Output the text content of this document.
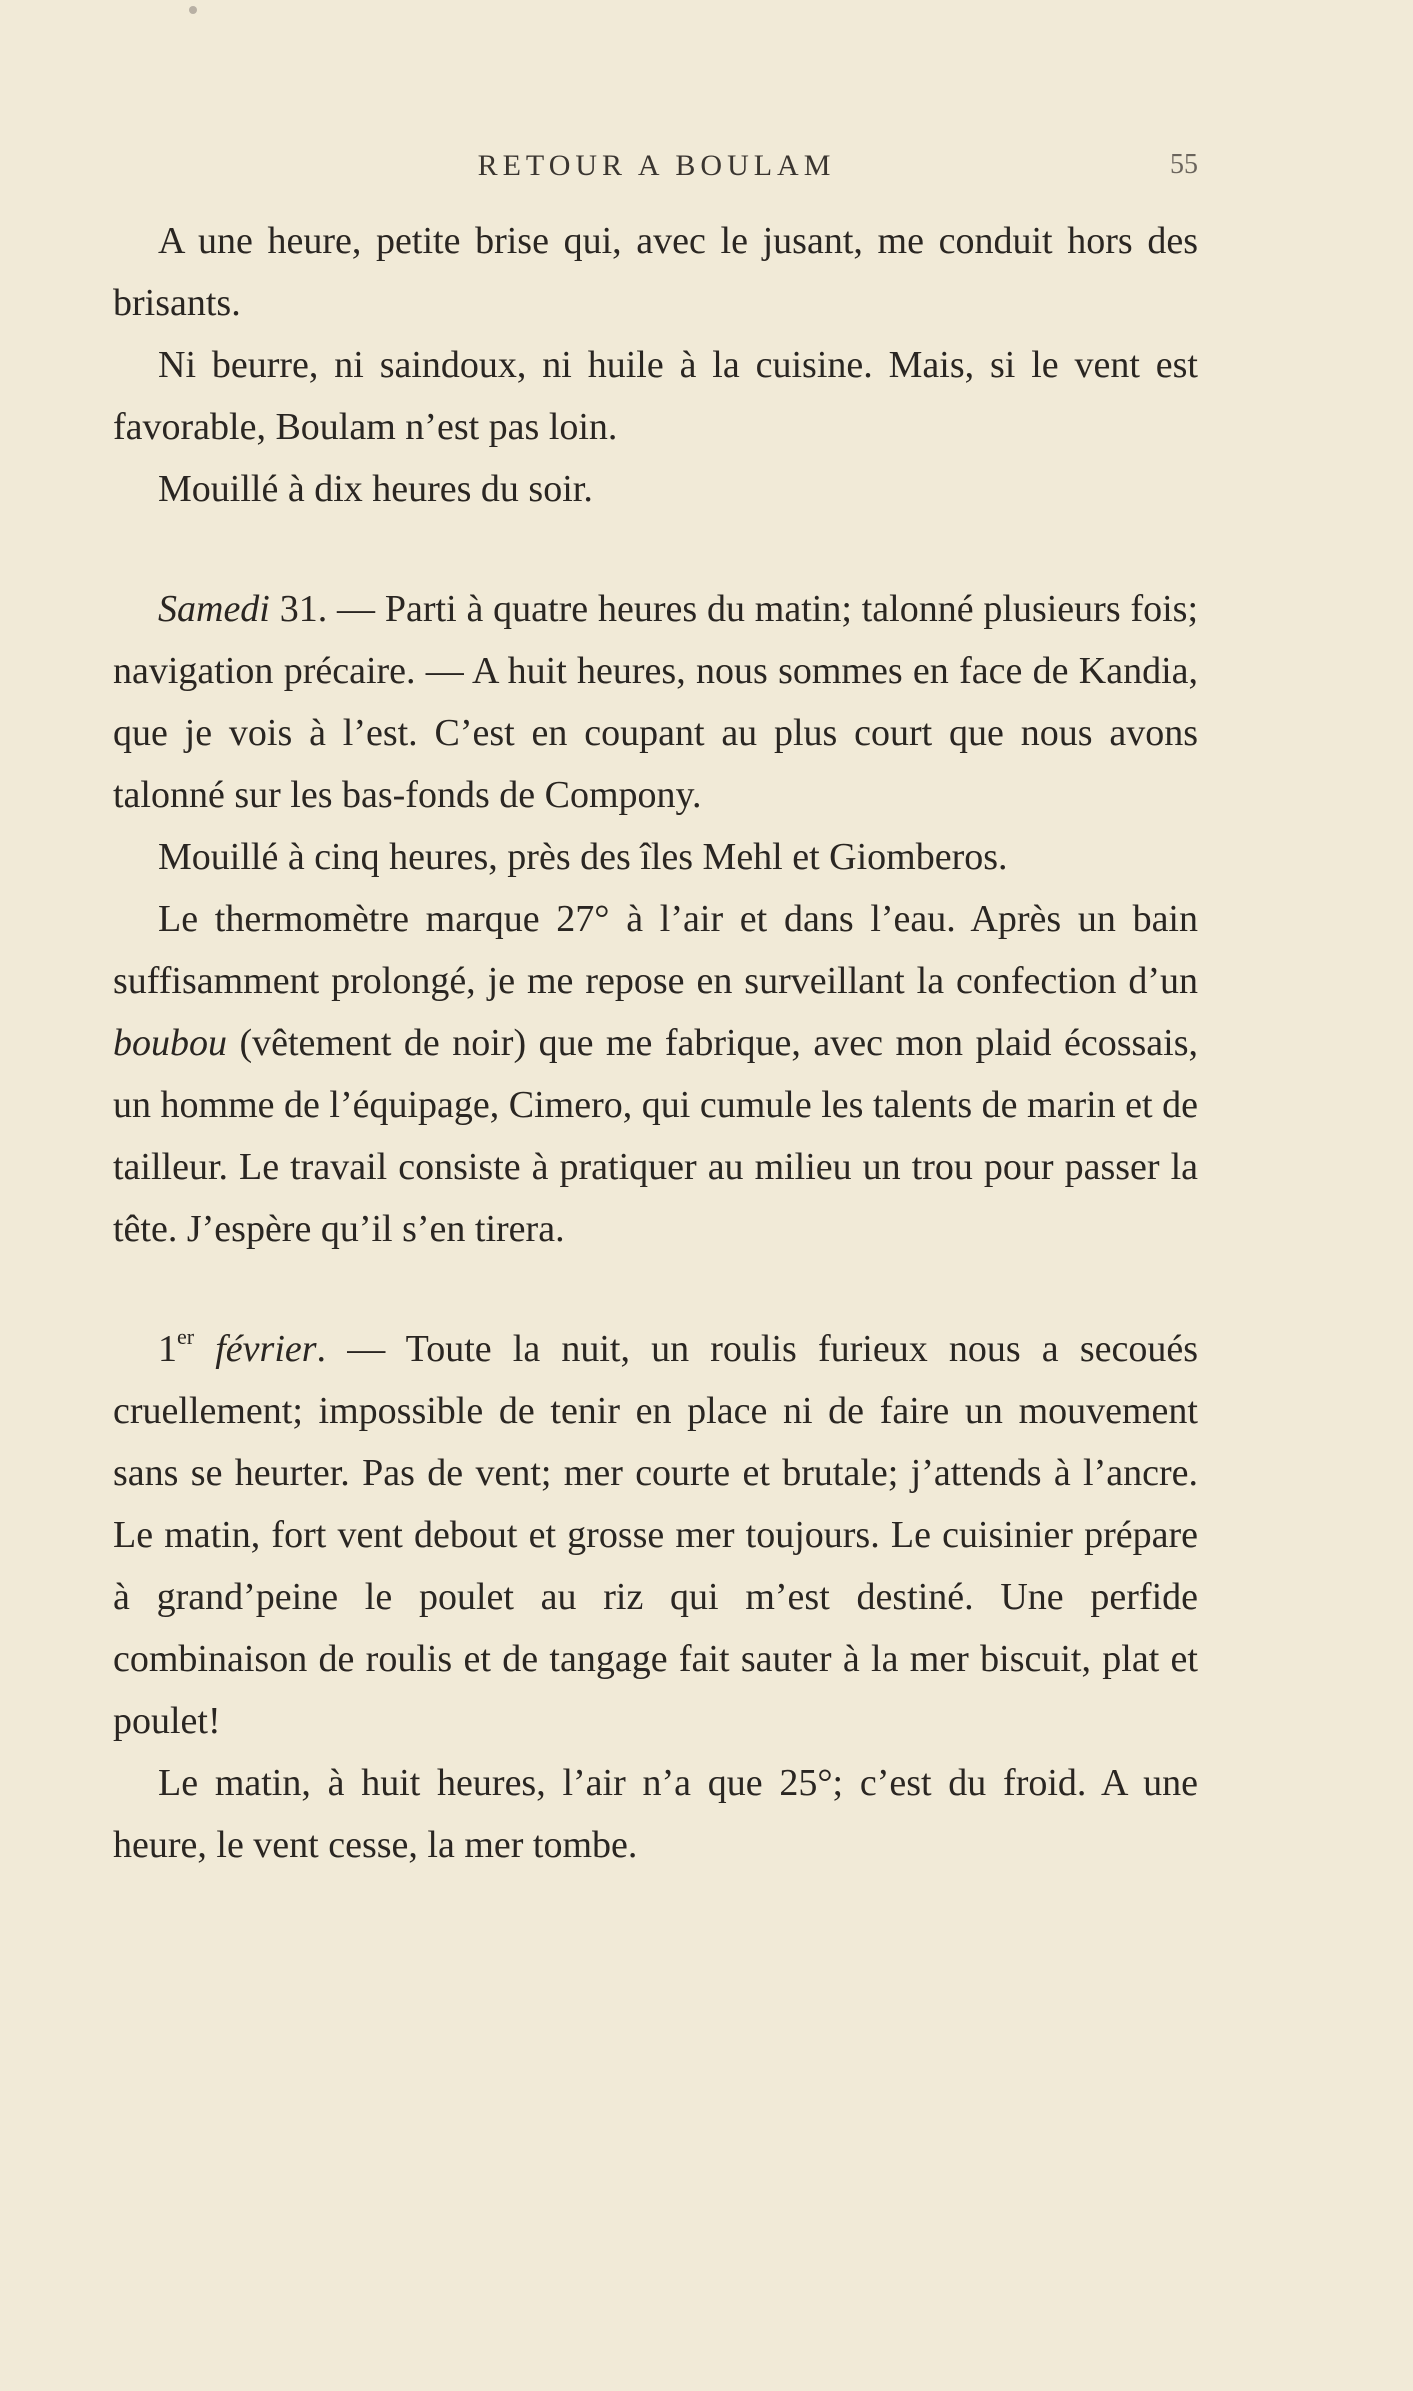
RETOUR A BOULAM	55

A une heure, petite brise qui, avec le jusant, me conduit hors des brisants.

Ni beurre, ni saindoux, ni huile à la cuisine. Mais, si le vent est favorable, Boulam n’est pas loin.

Mouillé à dix heures du soir.

Samedi 31. — Parti à quatre heures du matin; talonné plusieurs fois; navigation précaire. — A huit heures, nous sommes en face de Kandia, que je vois à l’est. C’est en coupant au plus court que nous avons talonné sur les bas-fonds de Compony.

Mouillé à cinq heures, près des îles Mehl et Giomberos.

Le thermomètre marque 27° à l’air et dans l’eau. Après un bain suffisamment prolongé, je me repose en surveillant la confection d’un boubou (vêtement de noir) que me fabrique, avec mon plaid écossais, un homme de l’équipage, Cimero, qui cumule les talents de marin et de tailleur. Le travail consiste à pratiquer au milieu un trou pour passer la tête. J’espère qu’il s’en tirera.

1er février. — Toute la nuit, un roulis furieux nous a secoués cruellement; impossible de tenir en place ni de faire un mouvement sans se heurter. Pas de vent; mer courte et brutale; j’attends à l’ancre. Le matin, fort vent debout et grosse mer toujours. Le cuisinier prépare à grand’peine le poulet au riz qui m’est destiné. Une perfide combinaison de roulis et de tangage fait sauter à la mer biscuit, plat et poulet!

Le matin, à huit heures, l’air n’a que 25°; c’est du froid. A une heure, le vent cesse, la mer tombe.
